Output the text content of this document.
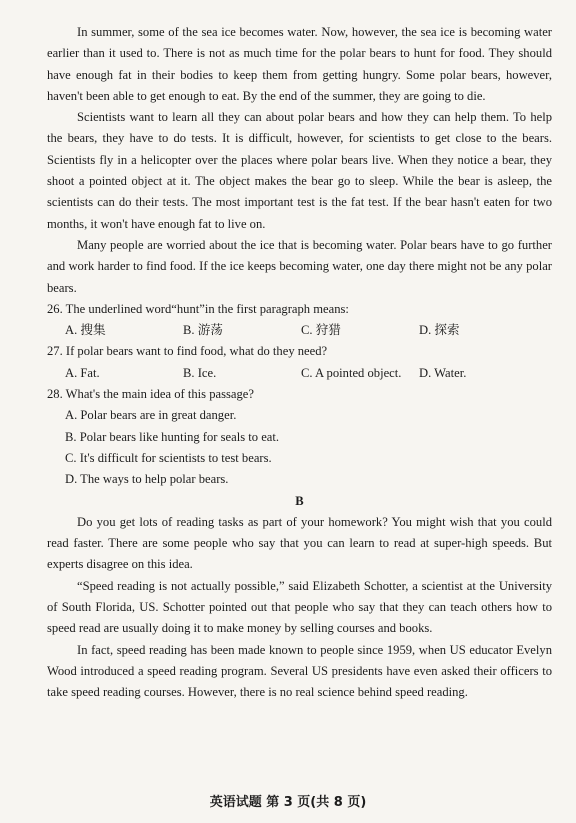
In summer, some of the sea ice becomes water. Now, however, the sea ice is becoming water earlier than it used to. There is not as much time for the polar bears to hunt for food. They should have enough fat in their bodies to keep them from getting hungry. Some polar bears, however, haven't been able to get enough to eat. By the end of the summer, they are going to die.

Scientists want to learn all they can about polar bears and how they can help them. To help the bears, they have to do tests. It is difficult, however, for scientists to get close to the bears. Scientists fly in a helicopter over the places where polar bears live. When they notice a bear, they shoot a pointed object at it. The object makes the bear go to sleep. While the bear is asleep, the scientists can do their tests. The most important test is the fat test. If the bear hasn't eaten for two months, it won't have enough fat to live on.

Many people are worried about the ice that is becoming water. Polar bears have to go further and work harder to find food. If the ice keeps becoming water, one day there might not be any polar bears.

26. The underlined word“hunt”in the first paragraph means:

A. 搜集	B. 游荡	C. 狩猎	D. 探索

27. If polar bears want to find food, what do they need?

A. Fat.	B. Ice.	C. A pointed object.	D. Water.

28. What's the main idea of this passage?

A. Polar bears are in great danger.

B. Polar bears like hunting for seals to eat.

C. It's difficult for scientists to test bears.

D. The ways to help polar bears.

B

Do you get lots of reading tasks as part of your homework? You might wish that you could read faster. There are some people who say that you can learn to read at super-high speeds. But experts disagree on this idea.

“Speed reading is not actually possible,” said Elizabeth Schotter, a scientist at the University of South Florida, US. Schotter pointed out that people who say that they can teach others how to speed read are usually doing it to make money by selling courses and books.

In fact, speed reading has been made known to people since 1959, when US educator Evelyn Wood introduced a speed reading program. Several US presidents have even asked their officers to take speed reading courses. However, there is no real science behind speed reading.

英语试题 第 3 页(共 8 页)
